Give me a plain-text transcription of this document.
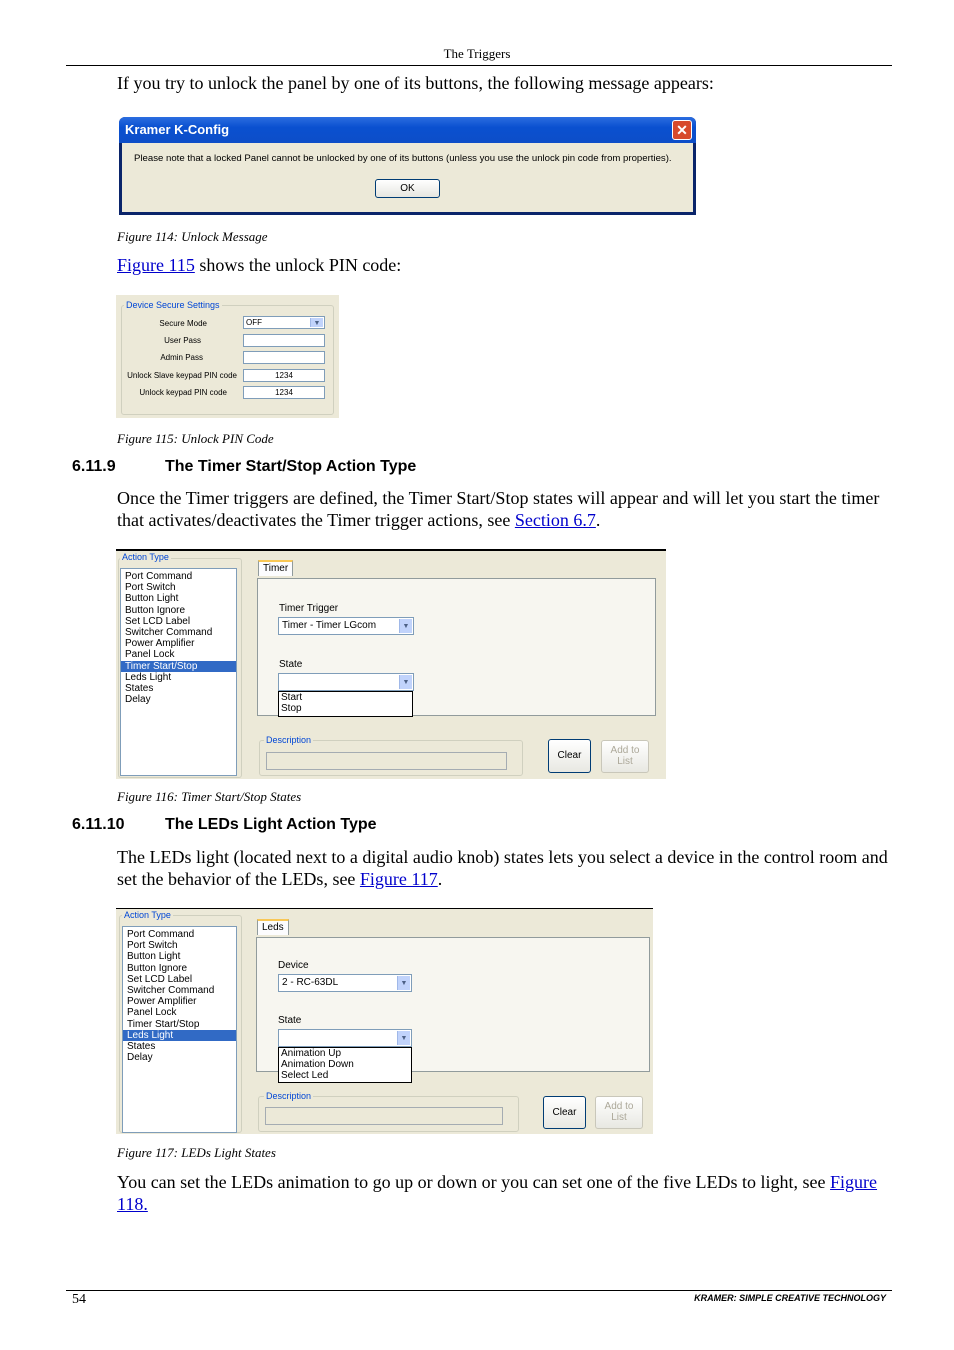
The Triggers
If you try to unlock the panel by one of its buttons, the following message appears:
Kramer K-Config	✕
Please note that a locked Panel cannot be unlocked by one of its buttons (unless you use the unlock pin code from properties).
OK
Figure 114: Unlock Message
Figure 115 shows the unlock PIN code:
Device Secure Settings
Secure Mode	OFF	▼
User Pass
Admin Pass
Unlock Slave keypad PIN code	1234
Unlock keypad PIN code	1234
Figure 115: Unlock PIN Code
6.11.9	The Timer Start/Stop Action Type
Once the Timer triggers are defined, the Timer Start/Stop states will appear and will let you start the timer that activates/deactivates the Timer trigger actions, see Section 6.7.
Action Type
Port Command
Port Switch
Button Light
Button Ignore
Set LCD Label
Switcher Command
Power Amplifier
Panel Lock
Timer Start/Stop
Leds Light
States
Delay
Timer
Timer Trigger
Timer - Timer LGcom	▼
State
▼
Start
Stop
Description
Clear	Add to
List
Figure 116: Timer Start/Stop States
6.11.10	The LEDs Light Action Type
The LEDs light (located next to a digital audio knob) states lets you select a device in the control room and set the behavior of the LEDs, see Figure 117.
Action Type
Port Command
Port Switch
Button Light
Button Ignore
Set LCD Label
Switcher Command
Power Amplifier
Panel Lock
Timer Start/Stop
Leds Light
States
Delay
Leds
Device
2 - RC-63DL	▼
State
▼
Animation Up
Animation Down
Select Led
Description
Clear
Add to
List
Figure 117: LEDs Light States
You can set the LEDs animation to go up or down or you can set one of the five LEDs to light, see Figure 118.
54	KRAMER: SIMPLE CREATIVE TECHNOLOGY
